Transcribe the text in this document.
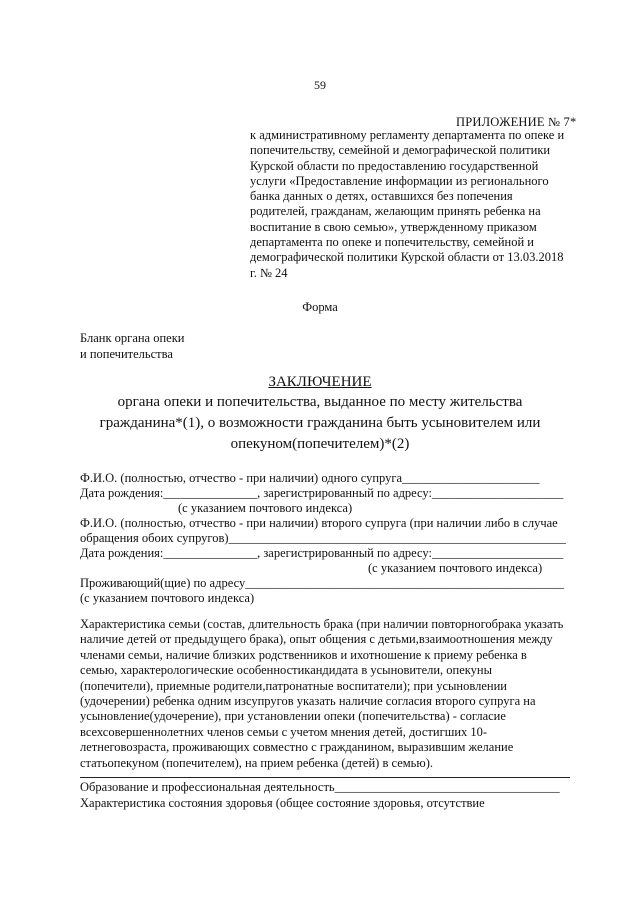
59
ПРИЛОЖЕНИЕ № 7*
к административному регламенту департамента по опеке и
попечительству, семейной и демографической политики
Курской области по предоставлению государственной
услуги «Предоставление информации из регионального
банка данных о детях, оставшихся без попечения
родителей, гражданам, желающим принять ребенка на
воспитание в свою семью», утвержденному приказом
департамента по опеке и попечительству, семейной и
демографической политики Курской области от 13.03.2018
г. № 24
Форма
Бланк органа опеки
и попечительства
ЗАКЛЮЧЕНИЕ
органа опеки и попечительства, выданное по месту жительства гражданина*(1), о возможности гражданина быть усыновителем или опекуном(попечителем)*(2)
Ф.И.О. (полностью, отчество - при наличии) одного супруга______________________
Дата рождения:_______________, зарегистрированный по адресу:_____________________
(с указанием почтового индекса)
Ф.И.О. (полностью, отчество - при наличии) второго супруга (при наличии либо в случае
обращения обоих супругов)______________________________________________________
Дата рождения:_______________, зарегистрированный по адресу:_____________________
(с указанием почтового индекса)
Проживающий(щие) по адресу___________________________________________________
(с указанием почтового индекса)
Характеристика семьи (состав, длительность брака (при наличии повторногобрака указать
наличие детей от предыдущего брака), опыт общения с детьми,взаимоотношения между
членами семьи, наличие близких родственников и ихотношение к приему ребенка в
семью, характерологические особенностикандидата в усыновители, опекуны
(попечители), приемные родители,патронатные воспитатели); при усыновлении
(удочерении) ребенка одним изсупругов указать наличие согласия второго супруга на
усыновление(удочерение), при установлении опеки (попечительства) - согласие
всехсовершеннолетних членов семьи с учетом мнения детей, достигших 10-
летнеговозраста, проживающих совместно с гражданином, выразившим желание
статьопекуном (попечителем), на прием ребенка (детей) в семью).
Образование и профессиональная деятельность____________________________________
Характеристика состояния здоровья (общее состояние здоровья, отсутствие
